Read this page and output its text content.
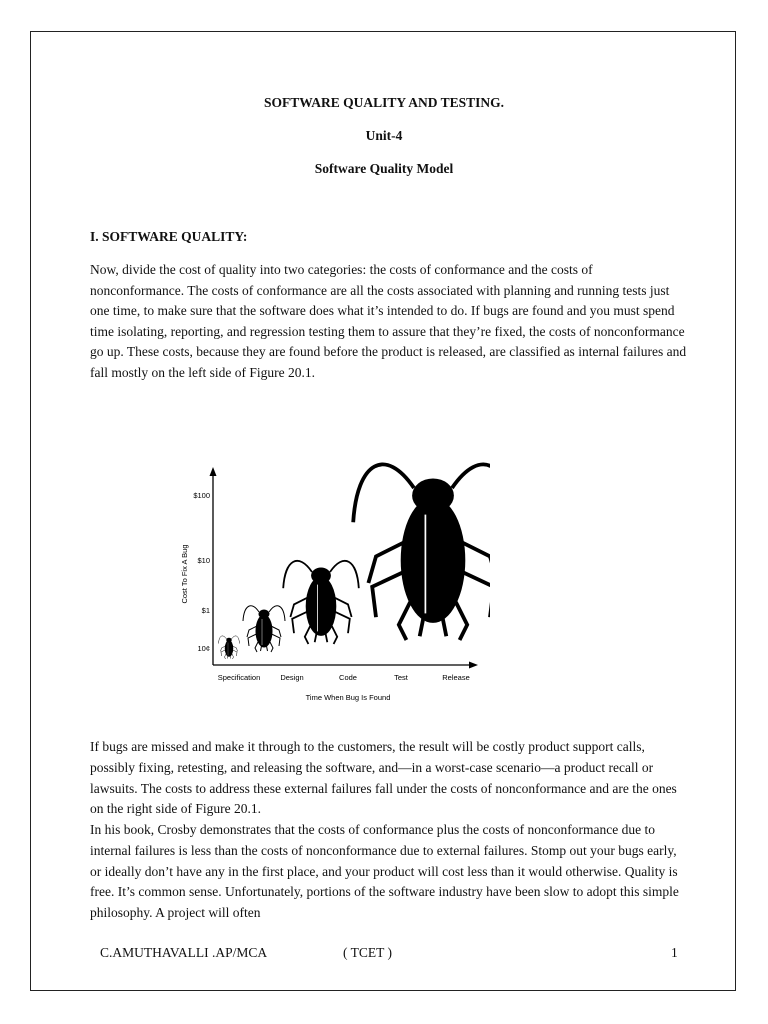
SOFTWARE QUALITY AND TESTING.
Unit-4
Software Quality Model
I. SOFTWARE QUALITY:

Now, divide the cost of quality into two categories: the costs of conformance and the costs of nonconformance. The costs of conformance are all the costs associated with planning and running tests just one time, to make sure that the software does what it’s intended to do. If bugs are found and you must spend time isolating, reporting, and regression testing them to assure that they’re fixed, the costs of nonconformance go up. These costs, because they are found before the product is released, are classified as internal failures and fall mostly on the left side of Figure 20.1.

$100
$10
$1
10¢
Cost To Fix A Bug
Specification	Design	Code	Test	Release
Time When Bug Is Found

If bugs are missed and make it through to the customers, the result will be costly product support calls, possibly fixing, retesting, and releasing the software, and—in a worst-case scenario—a product recall or lawsuits. The costs to address these external failures fall under the costs of nonconformance and are the ones on the right side of Figure 20.1.

In his book, Crosby demonstrates that the costs of conformance plus the costs of nonconformance due to internal failures is less than the costs of nonconformance due to external failures. Stomp out your bugs early, or ideally don’t have any in the first place, and your product will cost less than it would otherwise. Quality is free. It’s common sense. Unfortunately, portions of the software industry have been slow to adopt this simple philosophy. A project will often

C.AMUTHAVALLI .AP/MCA	( TCET )	1
